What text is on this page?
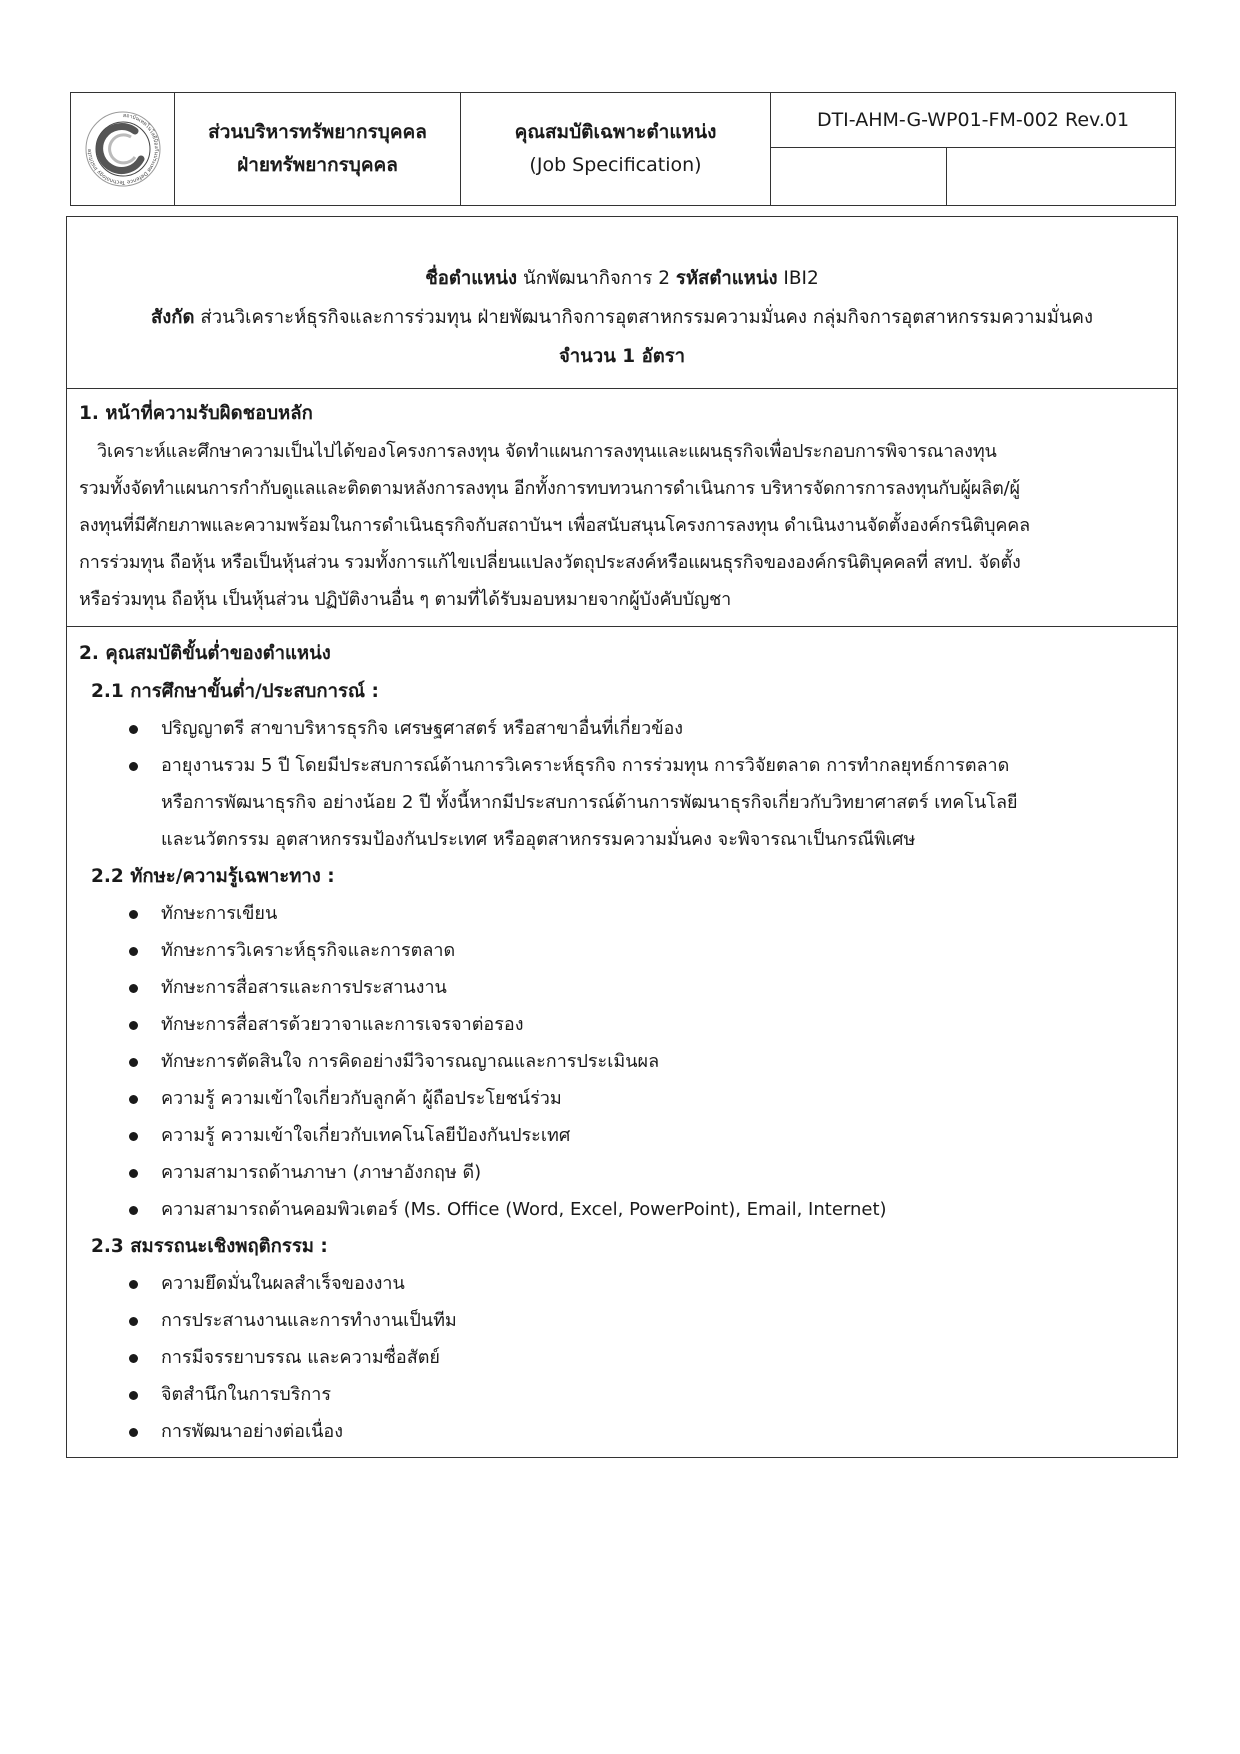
สถาบันเทคโนโลยีป้องกันประเทศ Defence Technology Institute
ส่วนบริหารทรัพยากรบุคคล
ฝ่ายทรัพยากรบุคคล
คุณสมบัติเฉพาะตำแหน่ง
(Job Specification)
DTI-AHM-G-WP01-FM-002 Rev.01
ชื่อตำแหน่ง นักพัฒนากิจการ 2 รหัสตำแหน่ง IBI2
สังกัด ส่วนวิเคราะห์ธุรกิจและการร่วมทุน ฝ่ายพัฒนากิจการอุตสาหกรรมความมั่นคง กลุ่มกิจการอุตสาหกรรมความมั่นคง
จำนวน 1 อัตรา
1. หน้าที่ความรับผิดชอบหลัก
วิเคราะห์และศึกษาความเป็นไปได้ของโครงการลงทุน จัดทำแผนการลงทุนและแผนธุรกิจเพื่อประกอบการพิจารณาลงทุน
รวมทั้งจัดทำแผนการกำกับดูแลและติดตามหลังการลงทุน อีกทั้งการทบทวนการดำเนินการ บริหารจัดการการลงทุนกับผู้ผลิต/ผู้
ลงทุนที่มีศักยภาพและความพร้อมในการดำเนินธุรกิจกับสถาบันฯ เพื่อสนับสนุนโครงการลงทุน ดำเนินงานจัดตั้งองค์กรนิติบุคคล
การร่วมทุน ถือหุ้น หรือเป็นหุ้นส่วน รวมทั้งการแก้ไขเปลี่ยนแปลงวัตถุประสงค์หรือแผนธุรกิจขององค์กรนิติบุคคลที่ สทป. จัดตั้ง
หรือร่วมทุน ถือหุ้น เป็นหุ้นส่วน ปฏิบัติงานอื่น ๆ ตามที่ได้รับมอบหมายจากผู้บังคับบัญชา
2. คุณสมบัติขั้นต่ำของตำแหน่ง
2.1 การศึกษาขั้นต่ำ/ประสบการณ์ :
ปริญญาตรี สาขาบริหารธุรกิจ เศรษฐศาสตร์ หรือสาขาอื่นที่เกี่ยวข้อง
อายุงานรวม 5 ปี โดยมีประสบการณ์ด้านการวิเคราะห์ธุรกิจ การร่วมทุน การวิจัยตลาด การทำกลยุทธ์การตลาด
หรือการพัฒนาธุรกิจ อย่างน้อย 2 ปี ทั้งนี้หากมีประสบการณ์ด้านการพัฒนาธุรกิจเกี่ยวกับวิทยาศาสตร์ เทคโนโลยี
และนวัตกรรม อุตสาหกรรมป้องกันประเทศ หรืออุตสาหกรรมความมั่นคง จะพิจารณาเป็นกรณีพิเศษ
2.2 ทักษะ/ความรู้เฉพาะทาง :
ทักษะการเขียน
ทักษะการวิเคราะห์ธุรกิจและการตลาด
ทักษะการสื่อสารและการประสานงาน
ทักษะการสื่อสารด้วยวาจาและการเจรจาต่อรอง
ทักษะการตัดสินใจ การคิดอย่างมีวิจารณญาณและการประเมินผล
ความรู้ ความเข้าใจเกี่ยวกับลูกค้า ผู้ถือประโยชน์ร่วม
ความรู้ ความเข้าใจเกี่ยวกับเทคโนโลยีป้องกันประเทศ
ความสามารถด้านภาษา (ภาษาอังกฤษ ดี)
ความสามารถด้านคอมพิวเตอร์ (Ms. Office (Word, Excel, PowerPoint), Email, Internet)
2.3 สมรรถนะเชิงพฤติกรรม :
ความยึดมั่นในผลสำเร็จของงาน
การประสานงานและการทำงานเป็นทีม
การมีจรรยาบรรณ และความซื่อสัตย์
จิตสำนึกในการบริการ
การพัฒนาอย่างต่อเนื่อง
